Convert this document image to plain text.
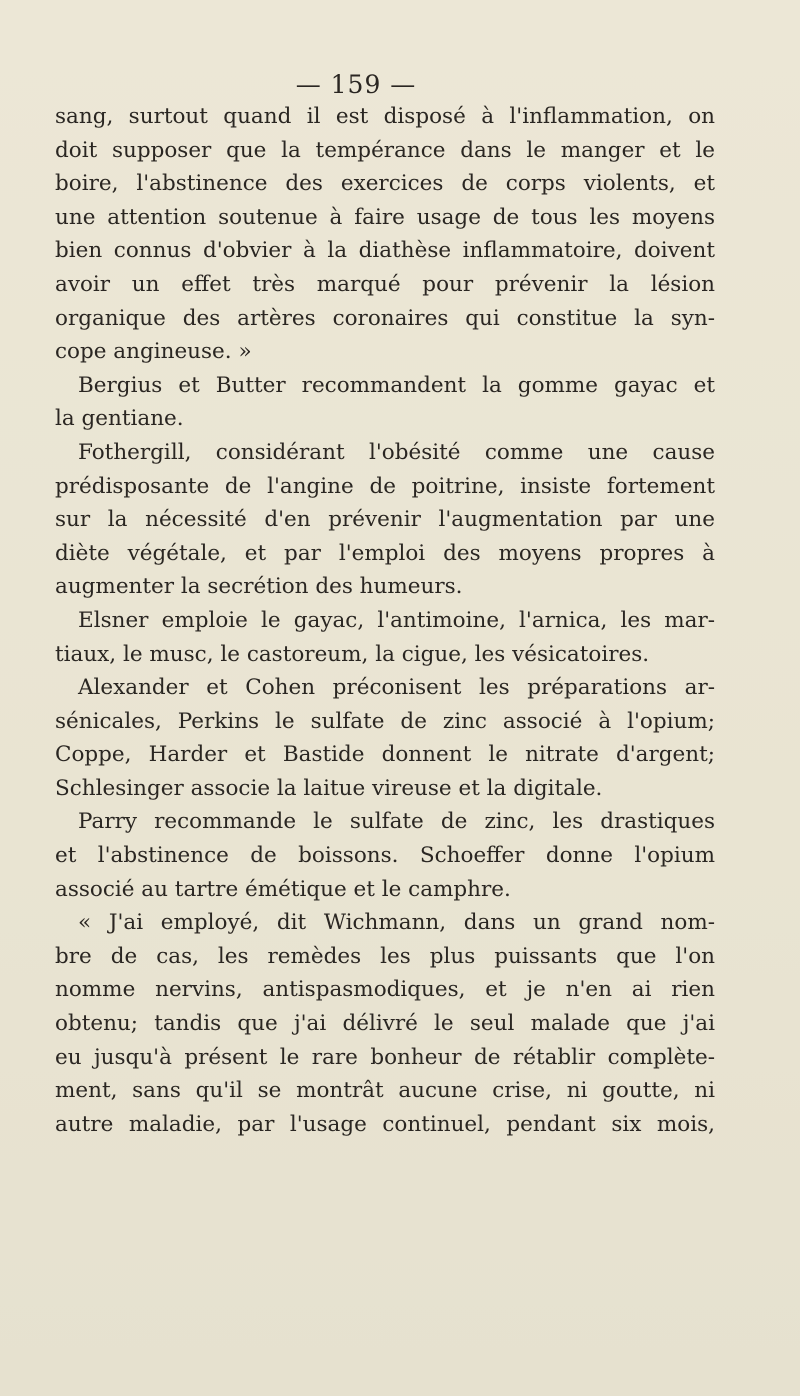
— 159 —
sang, surtout quand il est disposé à l'inflammation, on
doit supposer que la tempérance dans le manger et le
boire, l'abstinence des exercices de corps violents, et
une attention soutenue à faire usage de tous les moyens
bien connus d'obvier à la diathèse inflammatoire, doivent
avoir un effet très marqué pour prévenir la lésion
organique des artères coronaires qui constitue la syn-
cope angineuse. »
Bergius et Butter recommandent la gomme gayac et
la gentiane.
Fothergill, considérant l'obésité comme une cause
prédisposante de l'angine de poitrine, insiste fortement
sur la nécessité d'en prévenir l'augmentation par une
diète végétale, et par l'emploi des moyens propres à
augmenter la secrétion des humeurs.
Elsner emploie le gayac, l'antimoine, l'arnica, les mar-
tiaux, le musc, le castoreum, la cigue, les vésicatoires.
Alexander et Cohen préconisent les préparations ar-
sénicales, Perkins le sulfate de zinc associé à l'opium;
Coppe, Harder et Bastide donnent le nitrate d'argent;
Schlesinger associe la laitue vireuse et la digitale.
Parry recommande le sulfate de zinc, les drastiques
et l'abstinence de boissons. Schoeffer donne l'opium
associé au tartre émétique et le camphre.
« J'ai employé, dit Wichmann, dans un grand nom-
bre de cas, les remèdes les plus puissants que l'on
nomme nervins, antispasmodiques, et je n'en ai rien
obtenu; tandis que j'ai délivré le seul malade que j'ai
eu jusqu'à présent le rare bonheur de rétablir complète-
ment, sans qu'il se montrât aucune crise, ni goutte, ni
autre maladie, par l'usage continuel, pendant six mois,
